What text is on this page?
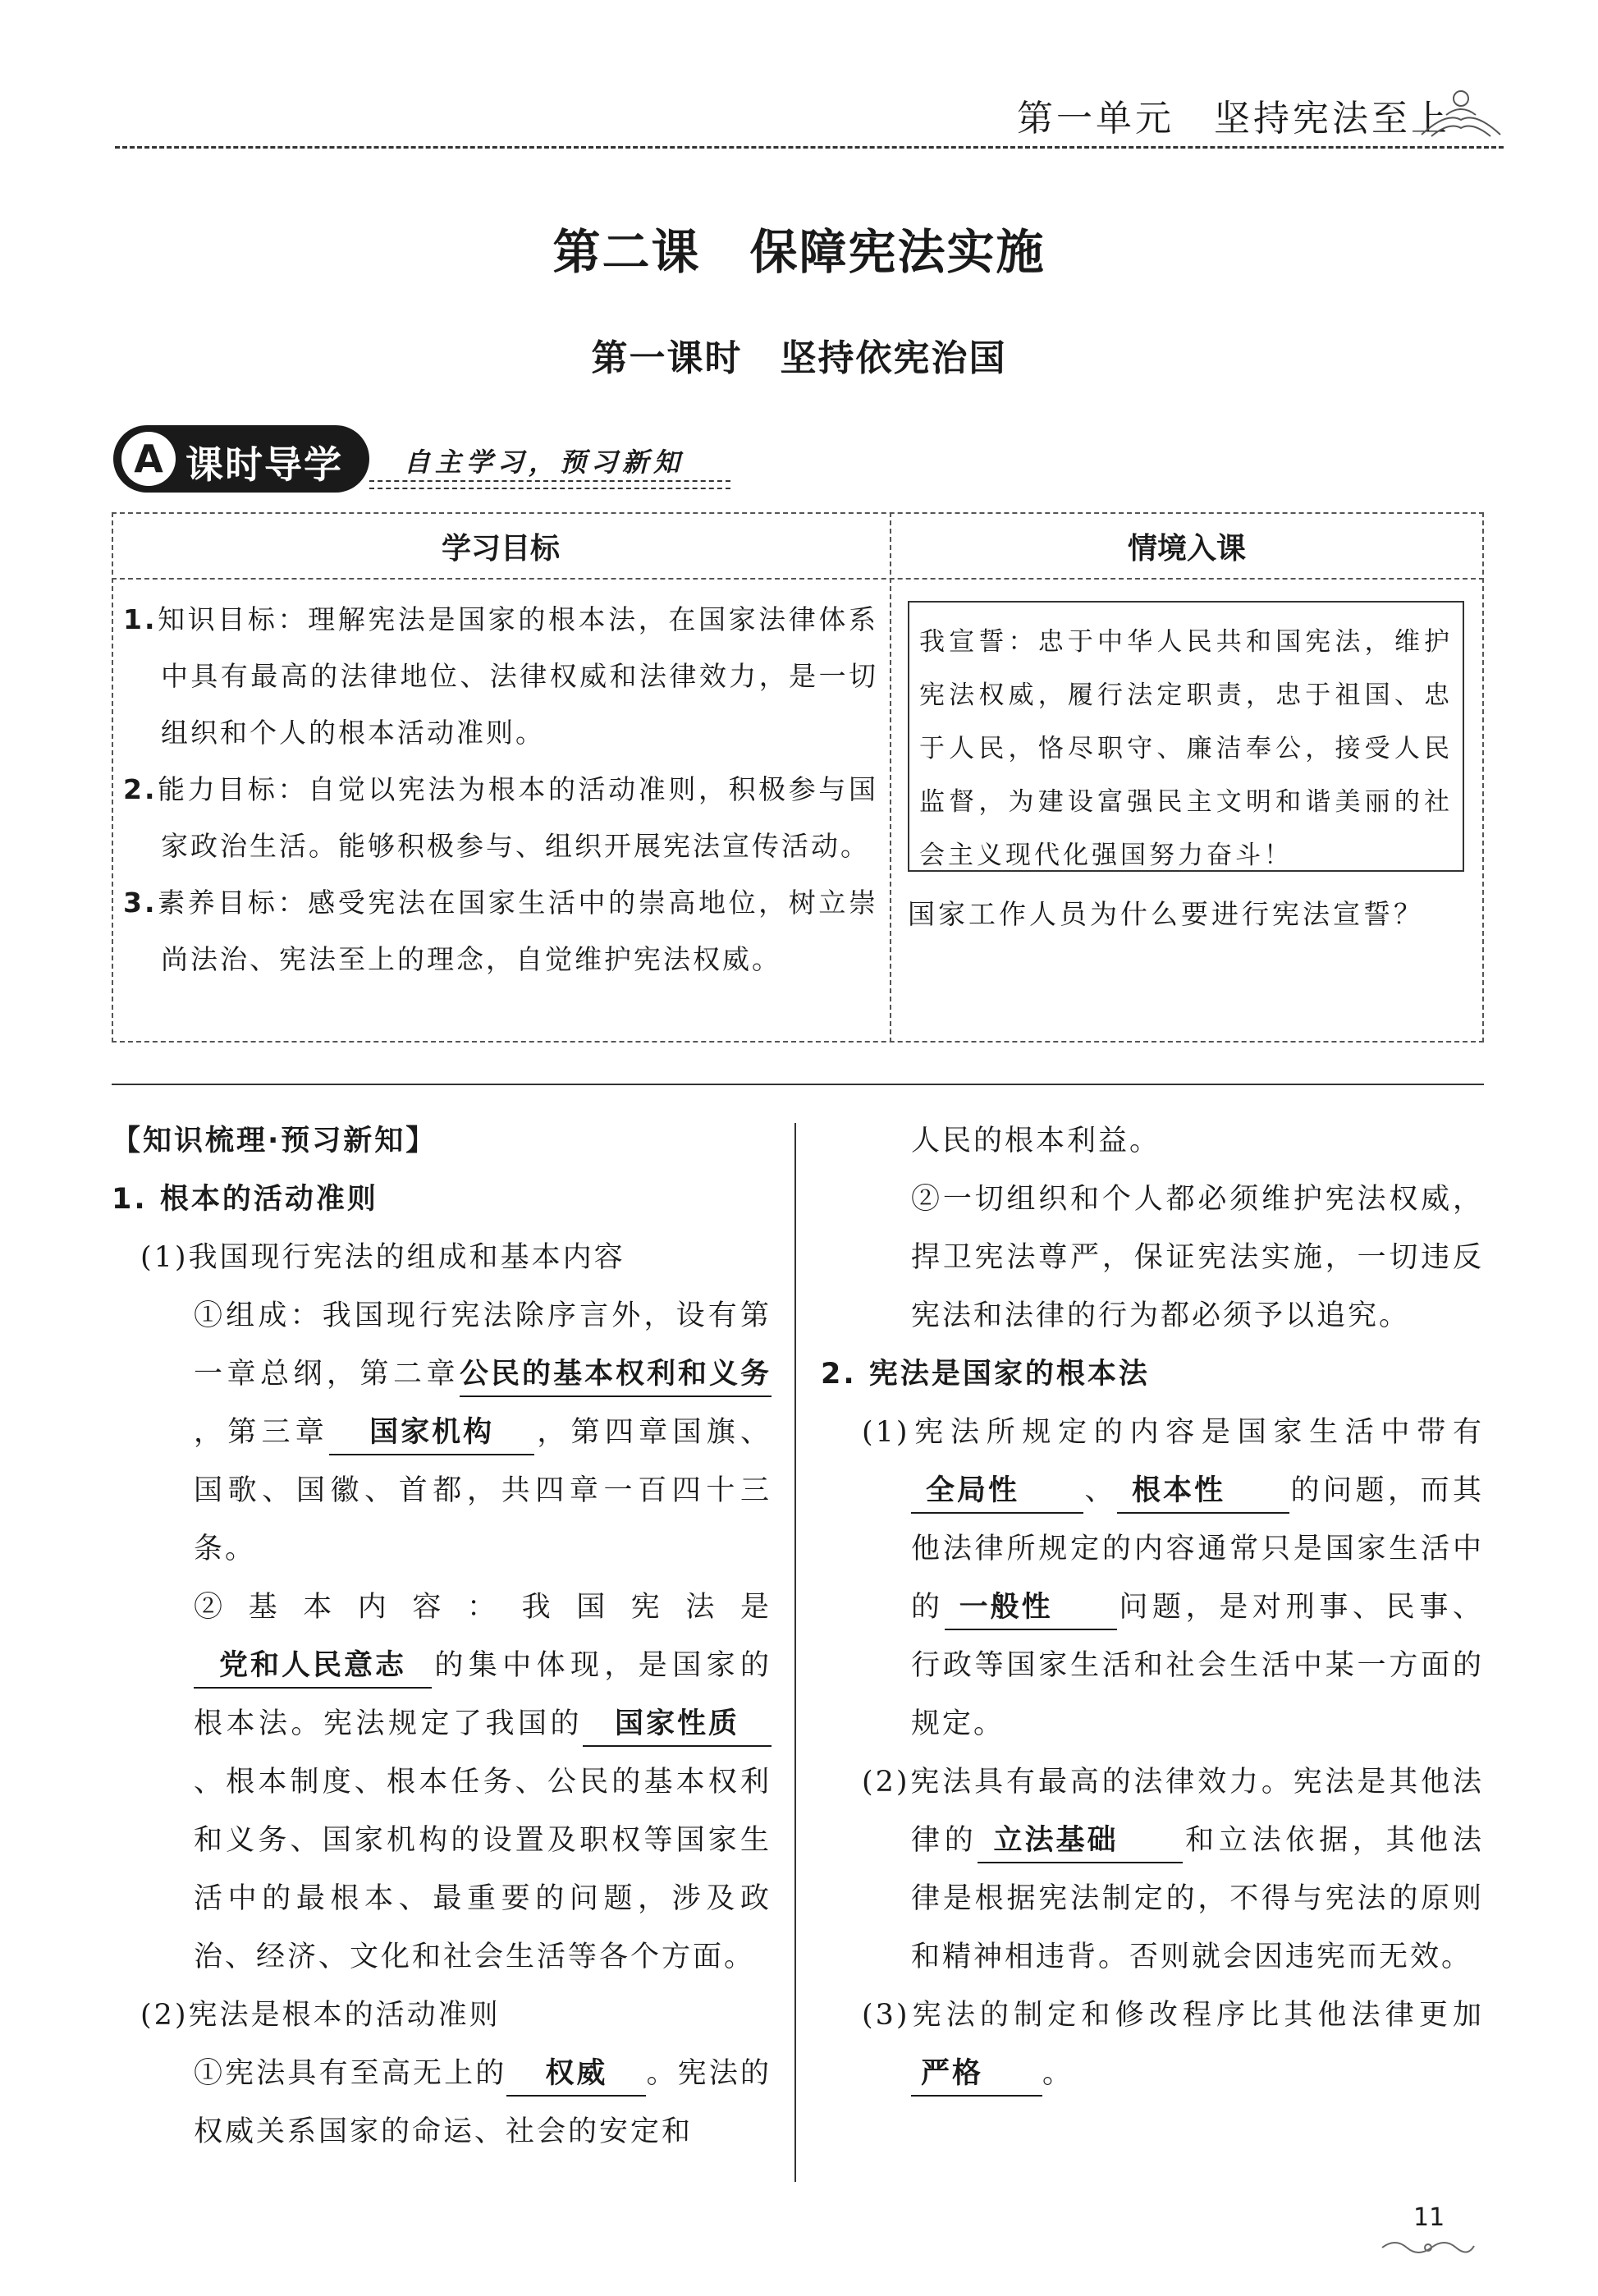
第一单元　 坚持宪法至上
第二课　保障宪法实施
第一课时　坚持依宪治国
A 课时导学 自主学习，预习新知
学习目标	情境入课
1.知识目标：理解宪法是国家的根本法，在国家法律体系中具有最高的法律地位、法律权威和法律效力，是一切组织和个人的根本活动准则。
2.能力目标：自觉以宪法为根本的活动准则，积极参与国家政治生活。能够积极参与、组织开展宪法宣传活动。
3.素养目标：感受宪法在国家生活中的崇高地位，树立崇尚法治、宪法至上的理念，自觉维护宪法权威。
我宣誓：忠于中华人民共和国宪法，维护宪法权威，履行法定职责，忠于祖国、忠于人民，恪尽职守、廉洁奉公，接受人民监督，为建设富强民主文明和谐美丽的社会主义现代化强国努力奋斗！
国家工作人员为什么要进行宪法宣誓？
【知识梳理·预习新知】
1. 根本的活动准则
(1)我国现行宪法的组成和基本内容
①组成：我国现行宪法除序言外，设有第一章总纲，第二章公民的基本权利和义务，第三章 国家机构 ，第四章国旗、国歌、国徽、首都，共四章一百四十三条。
②基本内容：我国宪法是党和人民意志 的集中体现，是国家的根本法。宪法规定了我国的 国家性质、根本制度、根本任务、公民的基本权利和义务、国家机构的设置及职权等国家生活中的最根本、最重要的问题，涉及政治、经济、文化和社会生活等各个方面。
(2)宪法是根本的活动准则
①宪法具有至高无上的 权威 。宪法的权威关系国家的命运、社会的安定和
人民的根本利益。
②一切组织和个人都必须维护宪法权威，捍卫宪法尊严，保证宪法实施，一切违反宪法和法律的行为都必须予以追究。
2. 宪法是国家的根本法
(1)宪法所规定的内容是国家生活中带有全局性 、 根本性 的问题，而其他法律所规定的内容通常只是国家生活中的 一般性 问题，是对刑事、民事、行政等国家生活和社会生活中某一方面的规定。
(2)宪法具有最高的法律效力。宪法是其他法律的 立法基础 和立法依据，其他法律是根据宪法制定的，不得与宪法的原则和精神相违背。否则就会因违宪而无效。
(3)宪法的制定和修改程序比其他法律更加严格 。
11
